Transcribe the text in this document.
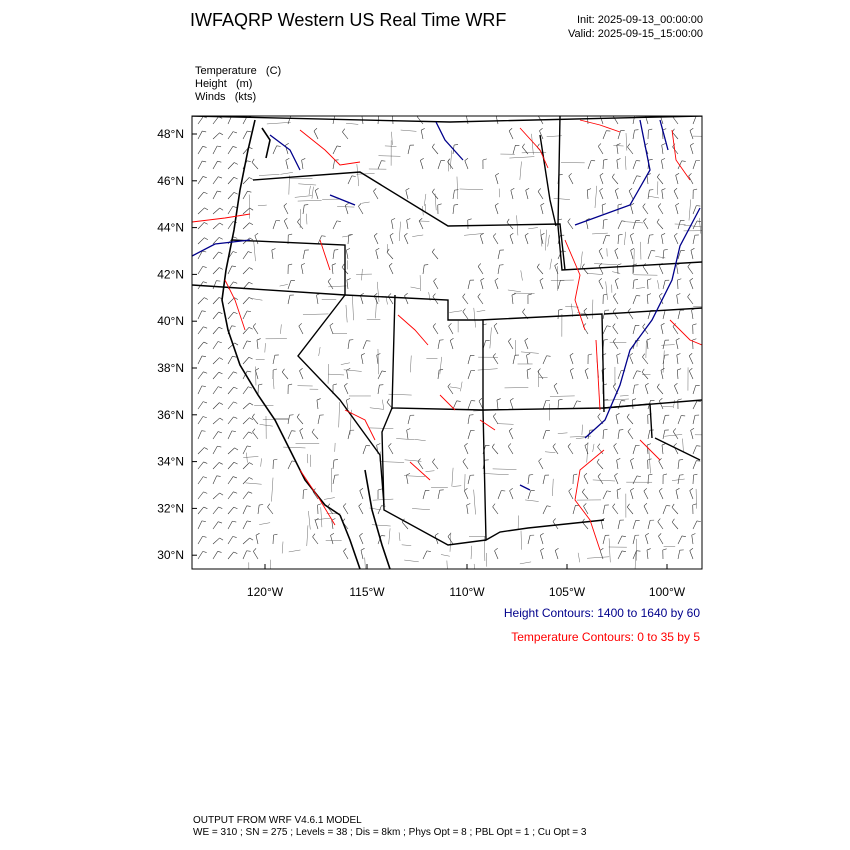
IWFAQRP Western US Real Time WRF	Init: 2025-09-13_00:00:00
Valid: 2025-09-15_15:00:00
Temperature   (C)
Height   (m)
Winds   (kts)
48°N
46°N
44°N
42°N
40°N
38°N
36°N
34°N
32°N
30°N
120°W	115°W	110°W	105°W	100°W
Height Contours: 1400 to 1640 by 60
Temperature Contours: 0 to 35 by 5
OUTPUT FROM WRF V4.6.1 MODEL
WE = 310 ; SN = 275 ; Levels = 38 ; Dis = 8km ; Phys Opt = 8 ; PBL Opt = 1 ; Cu Opt = 3
